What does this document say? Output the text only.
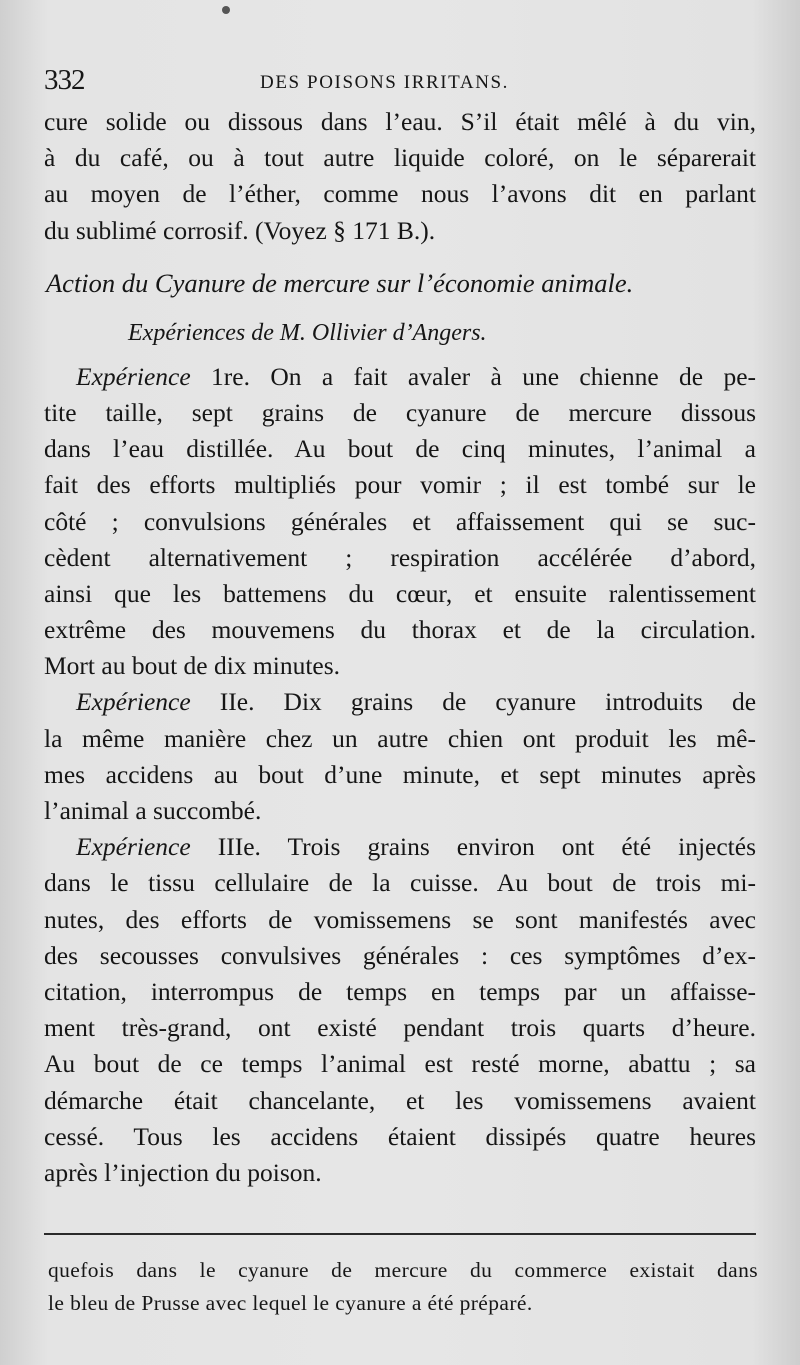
332	DES POISONS IRRITANS.
cure solide ou dissous dans l’eau. S’il était mêlé à du vin,
à du café, ou à tout autre liquide coloré, on le séparerait
au moyen de l’éther, comme nous l’avons dit en parlant
du sublimé corrosif. (Voyez § 171 B.).
Action du Cyanure de mercure sur l’économie animale.
Expériences de M. Ollivier d’Angers.
Expérience 1re. On a fait avaler à une chienne de pe-
tite taille, sept grains de cyanure de mercure dissous
dans l’eau distillée. Au bout de cinq minutes, l’animal a
fait des efforts multipliés pour vomir ; il est tombé sur le
côté ; convulsions générales et affaissement qui se suc-
cèdent alternativement ; respiration accélérée d’abord,
ainsi que les battemens du cœur, et ensuite ralentissement
extrême des mouvemens du thorax et de la circulation.
Mort au bout de dix minutes.
Expérience IIe. Dix grains de cyanure introduits de
la même manière chez un autre chien ont produit les mê-
mes accidens au bout d’une minute, et sept minutes après
l’animal a succombé.
Expérience IIIe. Trois grains environ ont été injectés
dans le tissu cellulaire de la cuisse. Au bout de trois mi-
nutes, des efforts de vomissemens se sont manifestés avec
des secousses convulsives générales : ces symptômes d’ex-
citation, interrompus de temps en temps par un affaisse-
ment très-grand, ont existé pendant trois quarts d’heure.
Au bout de ce temps l’animal est resté morne, abattu ; sa
démarche était chancelante, et les vomissemens avaient
cessé. Tous les accidens étaient dissipés quatre heures
après l’injection du poison.
quefois dans le cyanure de mercure du commerce existait dans
le bleu de Prusse avec lequel le cyanure a été préparé.
